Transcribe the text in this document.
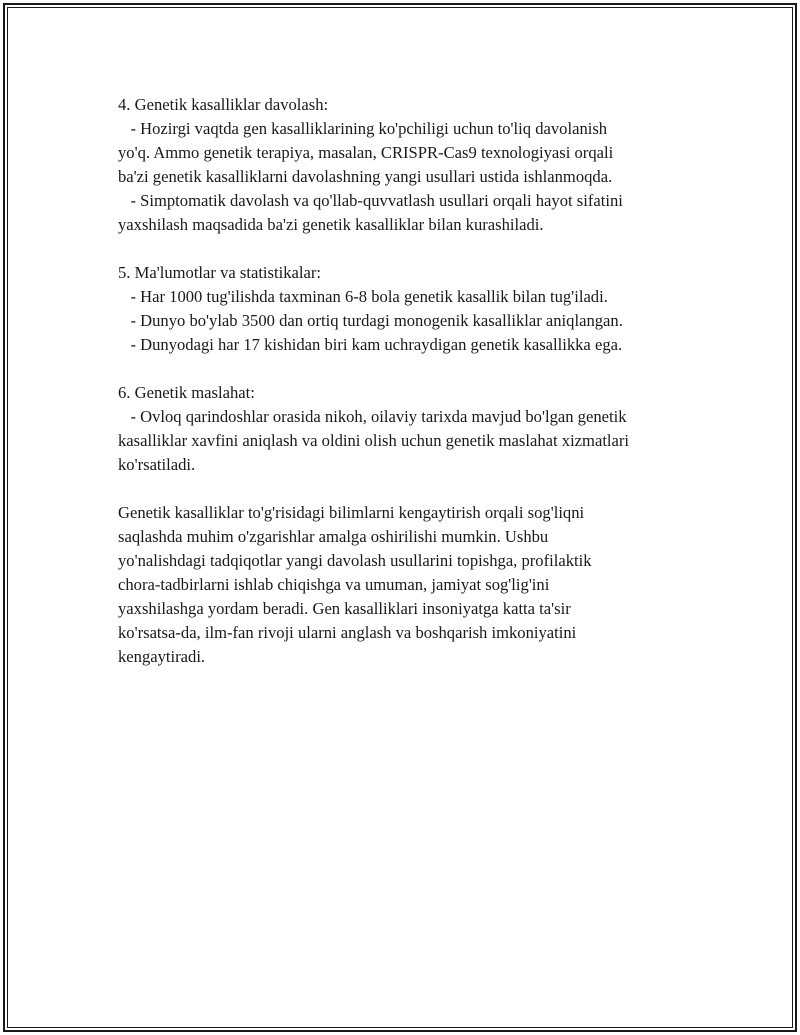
4. Genetik kasalliklar davolash:
- Hozirgi vaqtda gen kasalliklarining ko'pchiligi uchun to'liq davolanish
yo'q. Ammo genetik terapiya, masalan, CRISPR-Cas9 texnologiyasi orqali
ba'zi genetik kasalliklarni davolashning yangi usullari ustida ishlanmoqda.
- Simptomatik davolash va qo'llab-quvvatlash usullari orqali hayot sifatini
yaxshilash maqsadida ba'zi genetik kasalliklar bilan kurashiladi.
5. Ma'lumotlar va statistikalar:
- Har 1000 tug'ilishda taxminan 6-8 bola genetik kasallik bilan tug'iladi.
- Dunyo bo'ylab 3500 dan ortiq turdagi monogenik kasalliklar aniqlangan.
- Dunyodagi har 17 kishidan biri kam uchraydigan genetik kasallikka ega.
6. Genetik maslahat:
- Ovloq qarindoshlar orasida nikoh, oilaviy tarixda mavjud bo'lgan genetik
kasalliklar xavfini aniqlash va oldini olish uchun genetik maslahat xizmatlari
ko'rsatiladi.
Genetik kasalliklar to'g'risidagi bilimlarni kengaytirish orqali sog'liqni
saqlashda muhim o'zgarishlar amalga oshirilishi mumkin. Ushbu
yo'nalishdagi tadqiqotlar yangi davolash usullarini topishga, profilaktik
chora-tadbirlarni ishlab chiqishga va umuman, jamiyat sog'lig'ini
yaxshilashga yordam beradi. Gen kasalliklari insoniyatga katta ta'sir
ko'rsatsa-da, ilm-fan rivoji ularni anglash va boshqarish imkoniyatini
kengaytiradi.
